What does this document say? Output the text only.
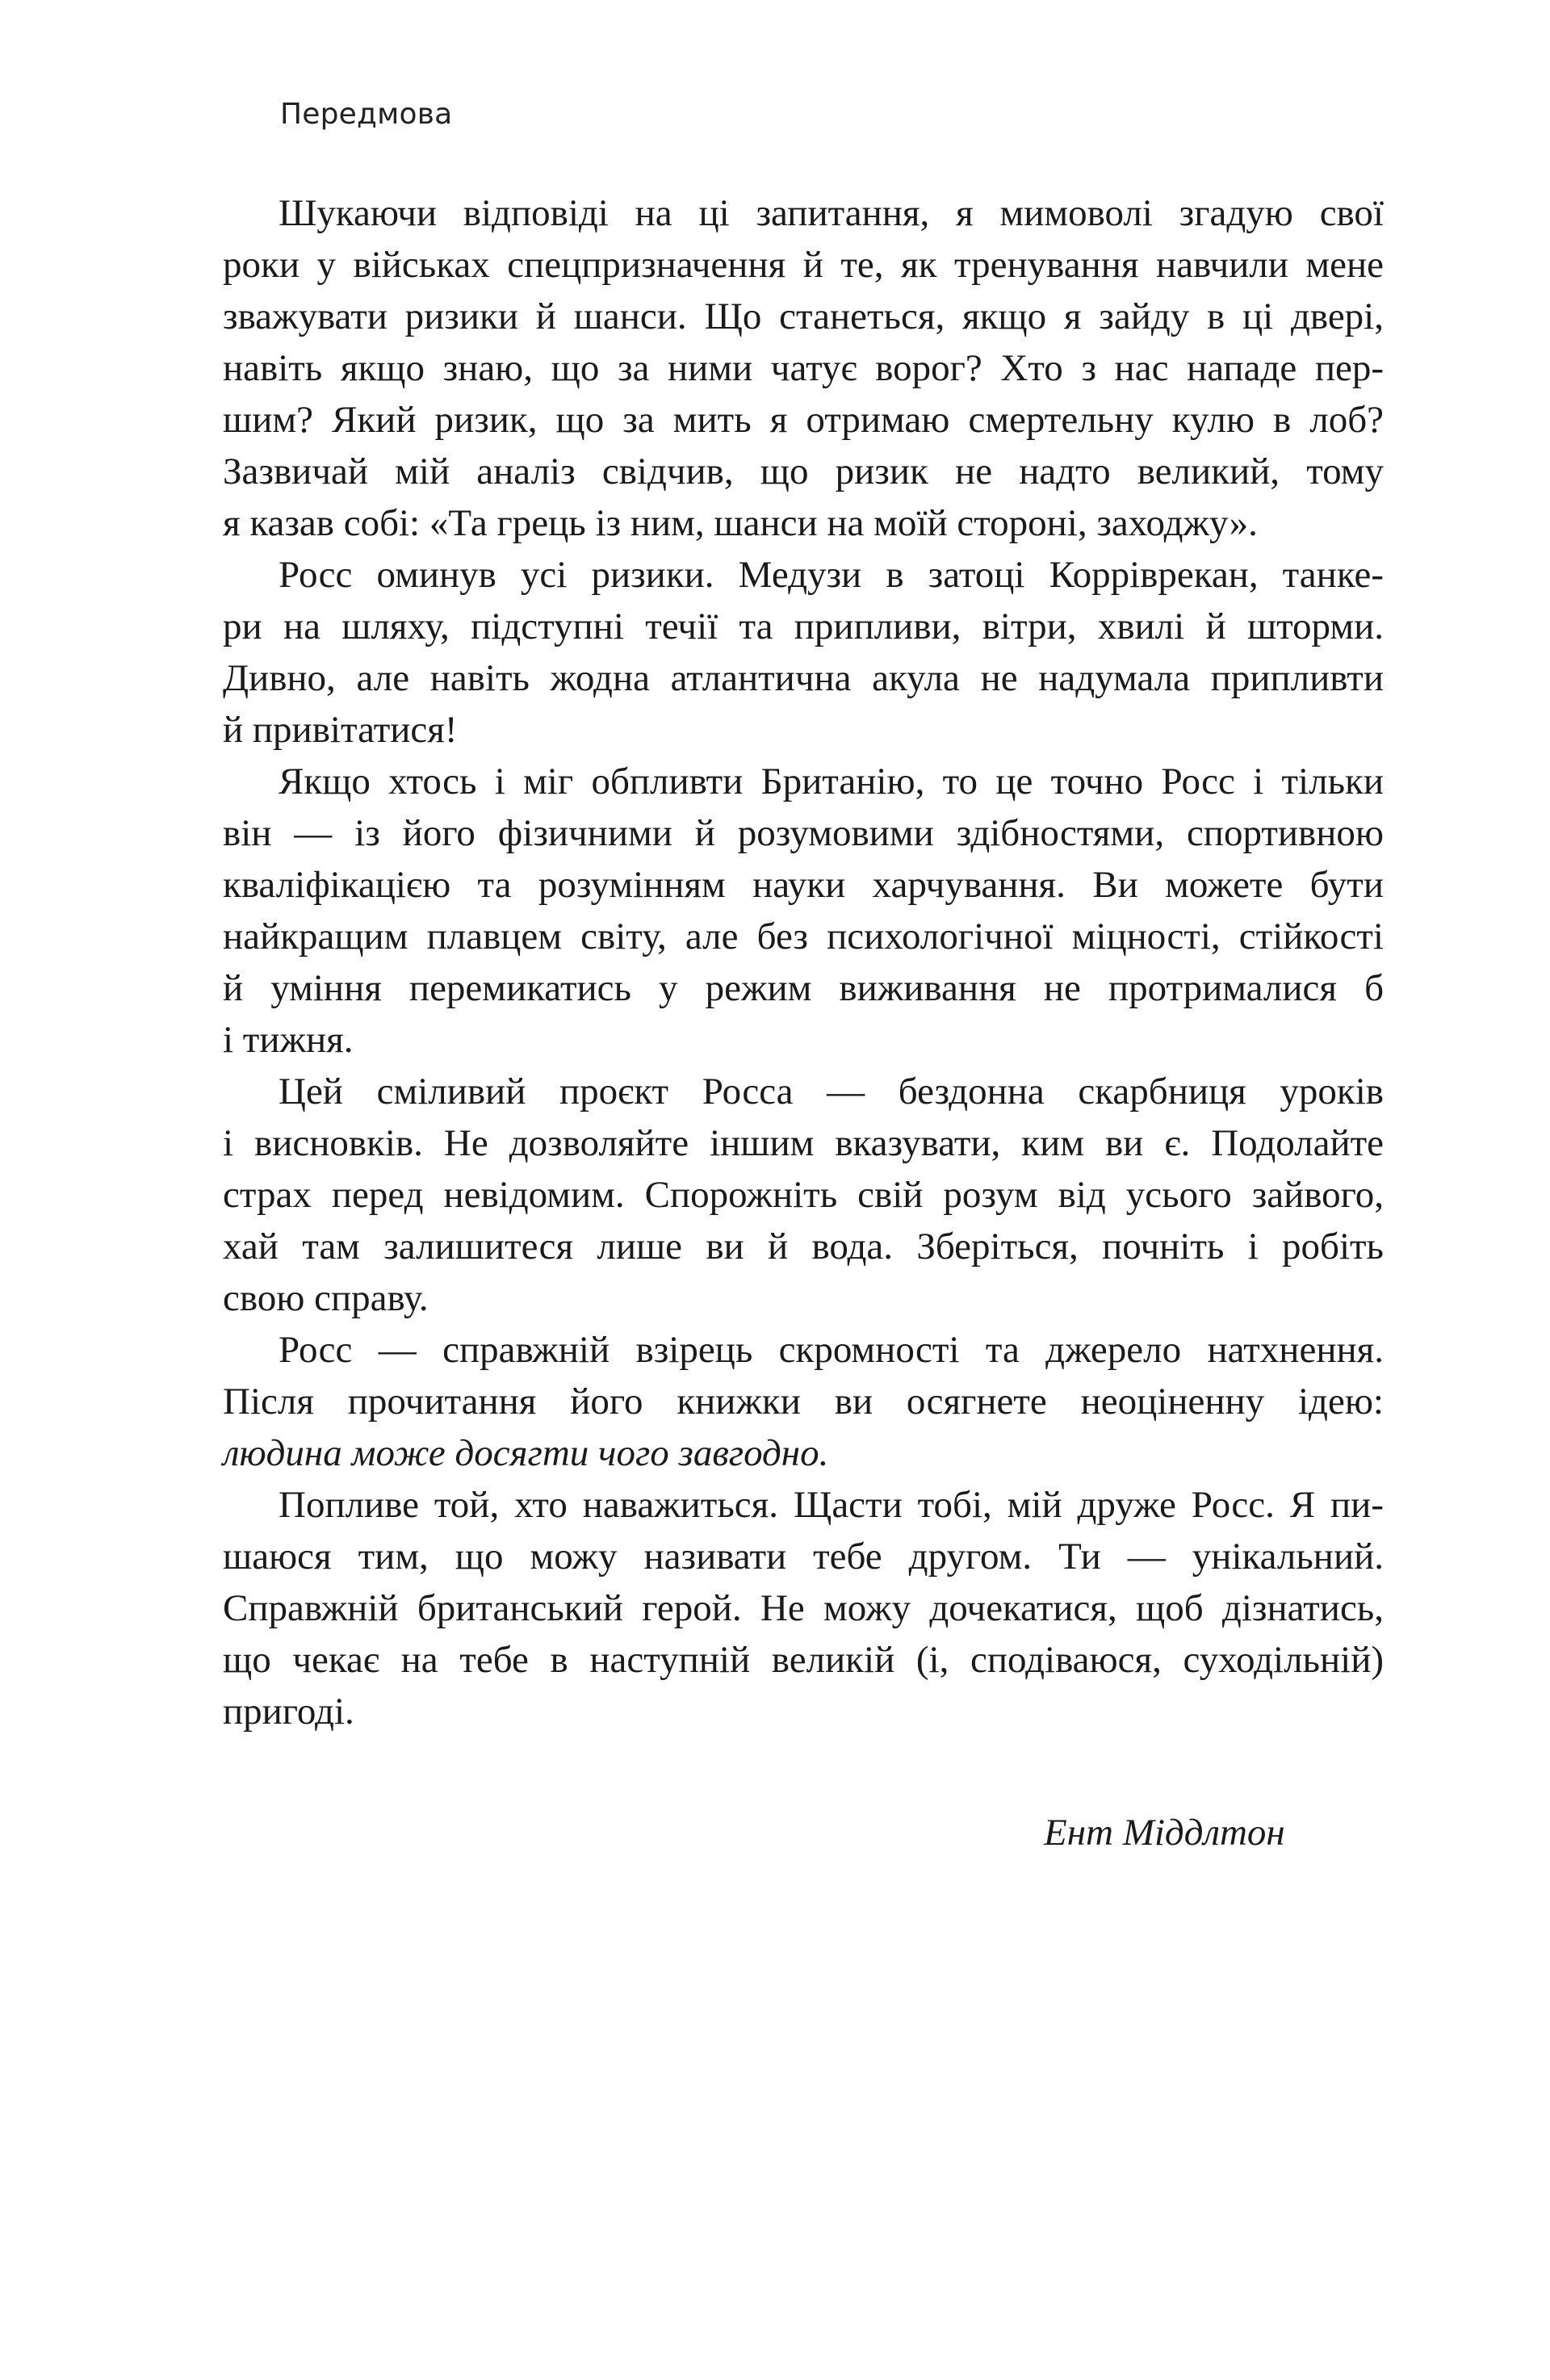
Передмова
Шукаючи відповіді на ці запитання, я мимоволі згадую свої
роки у військах спецпризначення й те, як тренування навчили мене
зважувати ризики й шанси. Що станеться, якщо я зайду в ці двері,
навіть якщо знаю, що за ними чатує ворог? Хто з нас нападе пер-
шим? Який ризик, що за мить я отримаю смертельну кулю в лоб?
Зазвичай мій аналіз свідчив, що ризик не надто великий, тому
я казав собі: «Та грець із ним, шанси на моїй стороні, заходжу».
Росс оминув усі ризики. Медузи в затоці Корріврекан, танке-
ри на шляху, підступні течії та припливи, вітри, хвилі й шторми.
Дивно, але навіть жодна атлантична акула не надумала припливти
й привітатися!
Якщо хтось і міг обпливти Британію, то це точно Росс і тільки
він — із його фізичними й розумовими здібностями, спортивною
кваліфікацією та розумінням науки харчування. Ви можете бути
найкращим плавцем світу, але без психологічної міцності, стійкості
й уміння перемикатись у режим виживання не протрималися б
і тижня.
Цей сміливий проєкт Росса — бездонна скарбниця уроків
і висновків. Не дозволяйте іншим вказувати, ким ви є. Подолайте
страх перед невідомим. Спорожніть свій розум від усього зайвого,
хай там залишитеся лише ви й вода. Зберіться, почніть і робіть
свою справу.
Росс — справжній взірець скромності та джерело натхнення.
Після прочитання його книжки ви осягнете неоціненну ідею:
людина може досягти чого завгодно.
Попливе той, хто наважиться. Щасти тобі, мій друже Росс. Я пи-
шаюся тим, що можу називати тебе другом. Ти — унікальний.
Справжній британський герой. Не можу дочекатися, щоб дізнатись,
що чекає на тебе в наступній великій (і, сподіваюся, суходільній)
пригоді.
Ент Міддлтон
